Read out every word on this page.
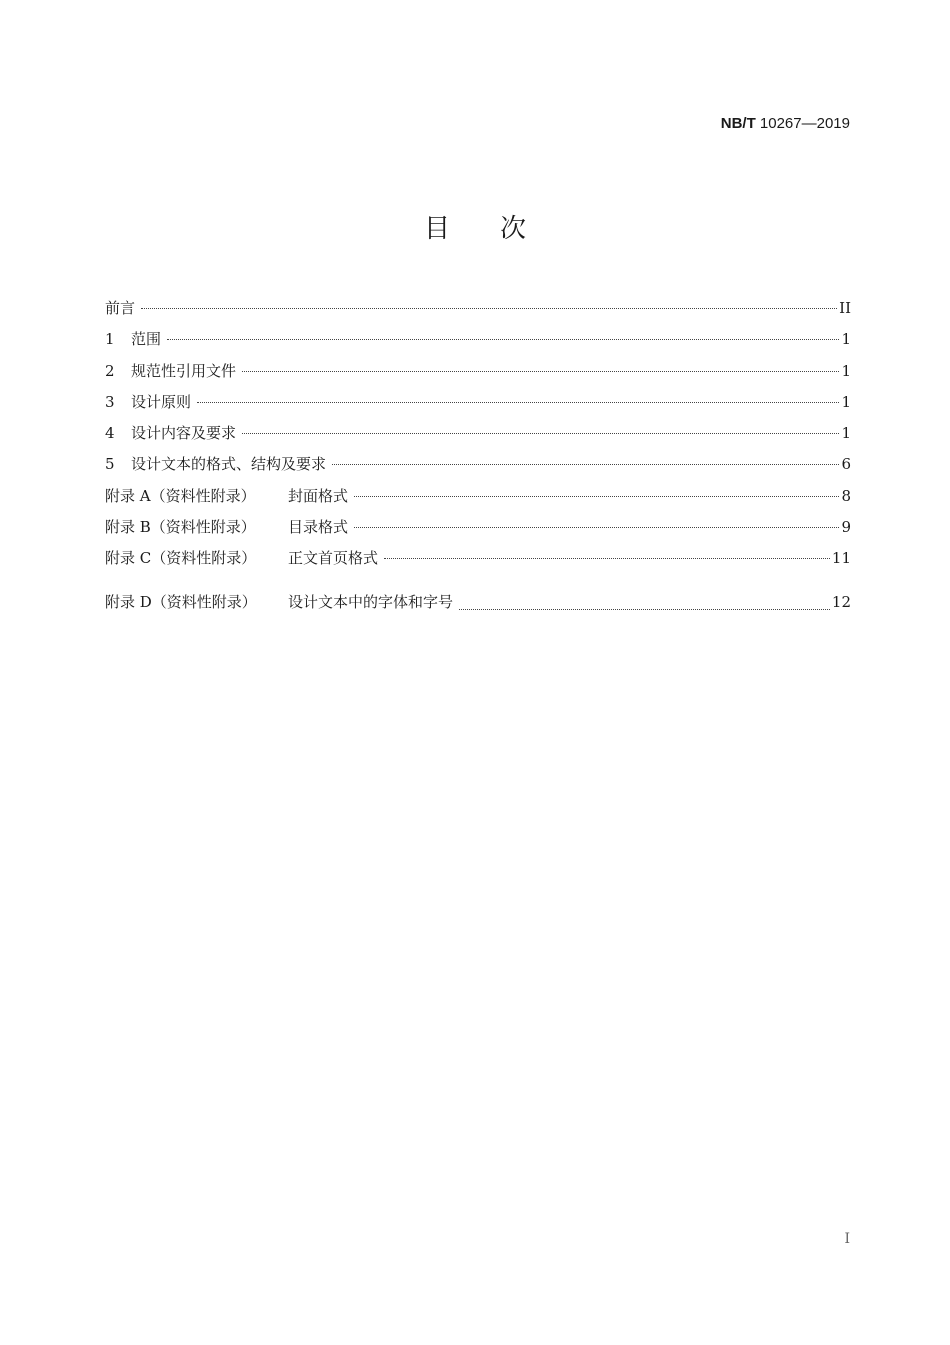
NB/T 10267—2019
目次
前言	II
1	范围	1
2	规范性引用文件	1
3	设计原则	1
4	设计内容及要求	1
5	设计文本的格式、结构及要求	6
附录 A（资料性附录）	封面格式	8
附录 B（资料性附录）	目录格式	9
附录 C（资料性附录）	正文首页格式	11
附录 D（资料性附录）	设计文本中的字体和字号	12
I
